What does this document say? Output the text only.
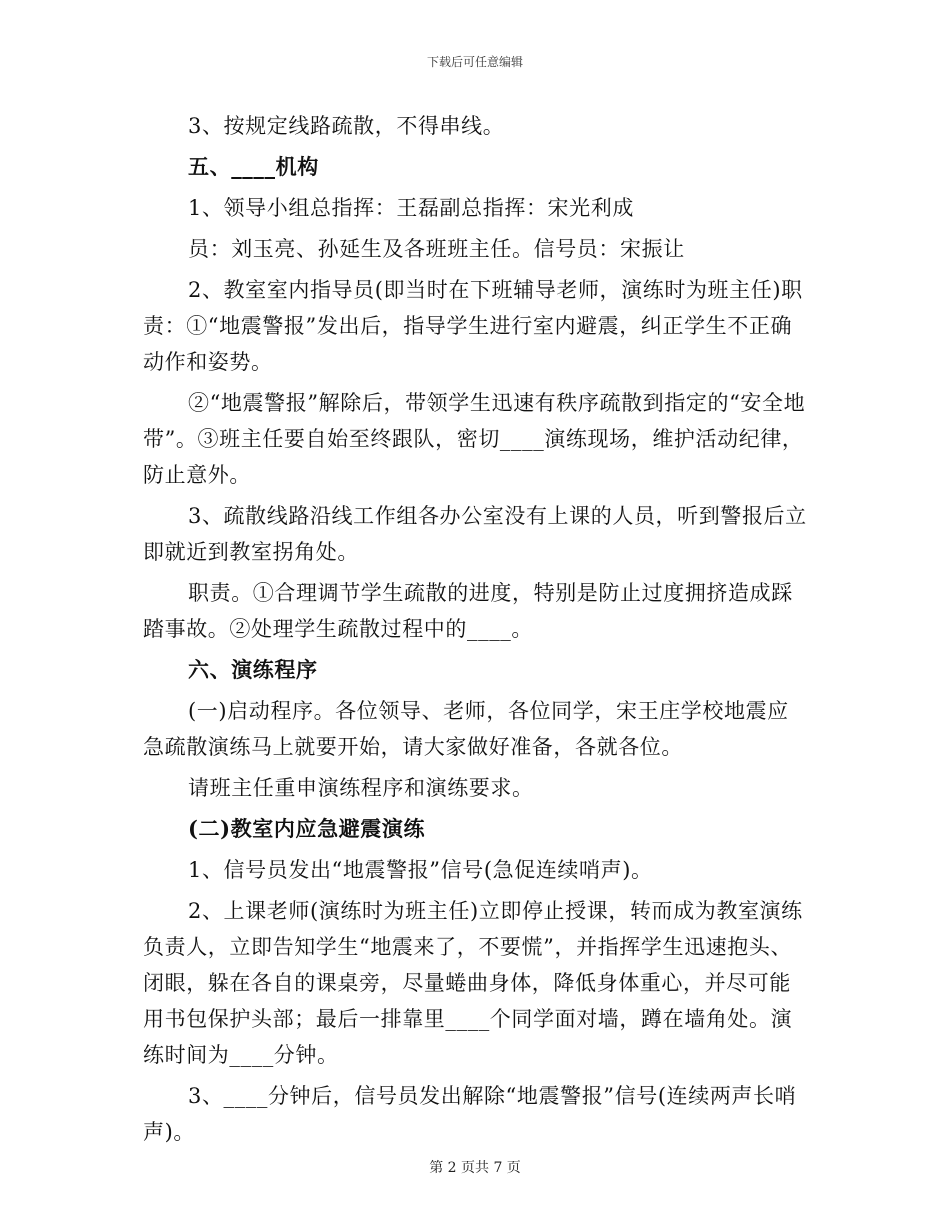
下载后可任意编辑

3、按规定线路疏散，不得串线。

五、____机构

1、领导小组总指挥：王磊副总指挥：宋光利成

员：刘玉亮、孙延生及各班班主任。信号员：宋振让

2、教室室内指导员(即当时在下班辅导老师，演练时为班主任)职责：①“地震警报”发出后，指导学生进行室内避震，纠正学生不正确动作和姿势。

②“地震警报”解除后，带领学生迅速有秩序疏散到指定的“安全地带”。③班主任要自始至终跟队，密切____演练现场，维护活动纪律，防止意外。

3、疏散线路沿线工作组各办公室没有上课的人员，听到警报后立即就近到教室拐角处。

职责。①合理调节学生疏散的进度，特别是防止过度拥挤造成踩踏事故。②处理学生疏散过程中的____。

六、演练程序

(一)启动程序。各位领导、老师，各位同学，宋王庄学校地震应急疏散演练马上就要开始，请大家做好准备，各就各位。

请班主任重申演练程序和演练要求。

(二)教室内应急避震演练

1、信号员发出“地震警报”信号(急促连续哨声)。

2、上课老师(演练时为班主任)立即停止授课，转而成为教室演练负责人，立即告知学生“地震来了，不要慌”，并指挥学生迅速抱头、闭眼，躲在各自的课桌旁，尽量蜷曲身体，降低身体重心，并尽可能用书包保护头部；最后一排靠里____个同学面对墙，蹲在墙角处。演练时间为____分钟。

3、____分钟后，信号员发出解除“地震警报”信号(连续两声长哨声)。

第 2 页共 7 页
